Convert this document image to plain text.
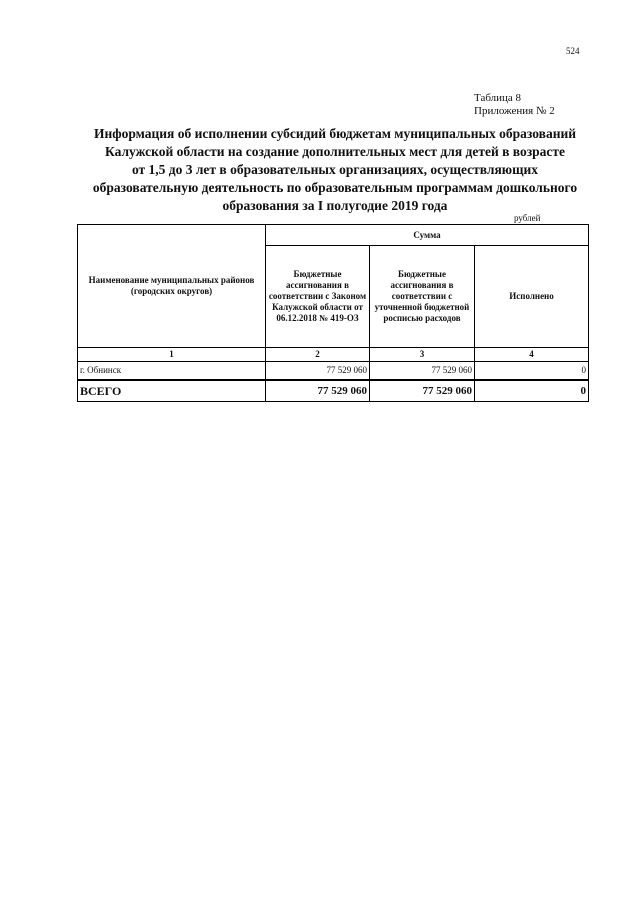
524
Таблица 8
Приложения № 2
Информация об исполнении субсидий бюджетам муниципальных образований
Калужской области на создание дополнительных мест для детей в возрасте
от 1,5 до 3 лет в образовательных организациях, осуществляющих
образовательную деятельность по образовательным программам дошкольного
образования за I полугодие 2019 года
рублей
Наименование муниципальных районов (городских округов)	Сумма		
	Бюджетные ассигнования в соответствии с Законом Калужской области от 06.12.2018 № 419-ОЗ	Бюджетные ассигнования в соответствии с уточненной бюджетной росписью расходов	Исполнено
1	2	3	4
г. Обнинск	77 529 060	77 529 060	0
ВСЕГО	77 529 060	77 529 060	0
